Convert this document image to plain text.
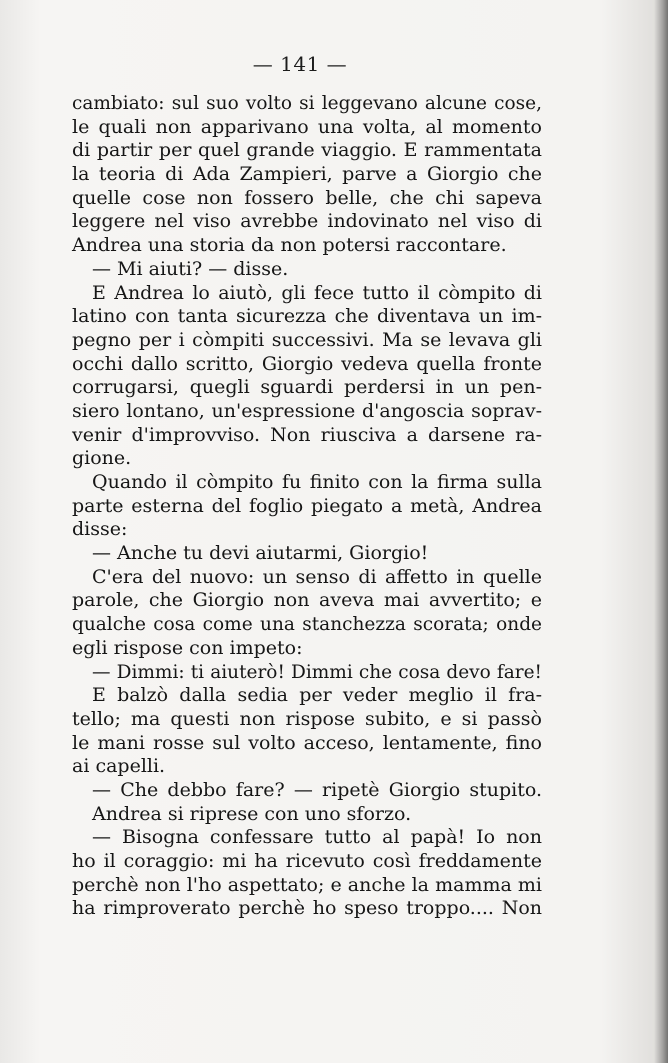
— 141 —
cambiato: sul suo volto si leggevano alcune cose,
le quali non apparivano una volta, al momento
di partir per quel grande viaggio. E rammentata
la teoria di Ada Zampieri, parve a Giorgio che
quelle cose non fossero belle, che chi sapeva
leggere nel viso avrebbe indovinato nel viso di
Andrea una storia da non potersi raccontare.
— Mi aiuti? — disse.
E Andrea lo aiutò, gli fece tutto il còmpito di
latino con tanta sicurezza che diventava un im-
pegno per i còmpiti successivi. Ma se levava gli
occhi dallo scritto, Giorgio vedeva quella fronte
corrugarsi, quegli sguardi perdersi in un pen-
siero lontano, un'espressione d'angoscia soprav-
venir d'improvviso. Non riusciva a darsene ra-
gione.
Quando il còmpito fu finito con la firma sulla
parte esterna del foglio piegato a metà, Andrea
disse:
— Anche tu devi aiutarmi, Giorgio!
C'era del nuovo: un senso di affetto in quelle
parole, che Giorgio non aveva mai avvertito; e
qualche cosa come una stanchezza scorata; onde
egli rispose con impeto:
— Dimmi: ti aiuterò! Dimmi che cosa devo fare!
E balzò dalla sedia per veder meglio il fra-
tello; ma questi non rispose subito, e si passò
le mani rosse sul volto acceso, lentamente, fino
ai capelli.
— Che debbo fare? — ripetè Giorgio stupito.
Andrea si riprese con uno sforzo.
— Bisogna confessare tutto al papà! Io non
ho il coraggio: mi ha ricevuto così freddamente
perchè non l'ho aspettato; e anche la mamma mi
ha rimproverato perchè ho speso troppo.... Non
